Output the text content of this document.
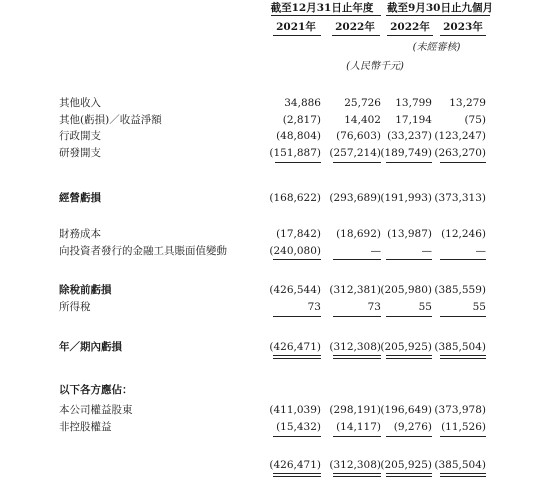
截至12月31日止年度	截至9月30日止九個月
2021年	2022年	2022年	2023年
(未經審核)
(人民幣千元)
其他收入	34,886	25,726	13,799	13,279
其他(虧損)／收益淨額	(2,817)	14,402	17,194	(75)
行政開支	(48,804)	(76,603) (33,237) (123,247)
研發開支	(151,887) (257,214) (189,749) (263,270)
經營虧損	(168,622) (293,689) (191,993) (373,313)
財務成本	(17,842)	(18,692) (13,987) (12,246)
向投資者發行的金融工具賬面值變動	(240,080)	—	—	—
除稅前虧損	(426,544) (312,381) (205,980) (385,559)
所得稅	73	73	55	55
年／期內虧損	(426,471) (312,308) (205,925) (385,504)
以下各方應佔：
本公司權益股東	(411,039) (298,191) (196,649) (373,978)
非控股權益	(15,432)	(14,117)	(9,276) (11,526)
(426,471) (312,308) (205,925) (385,504)
